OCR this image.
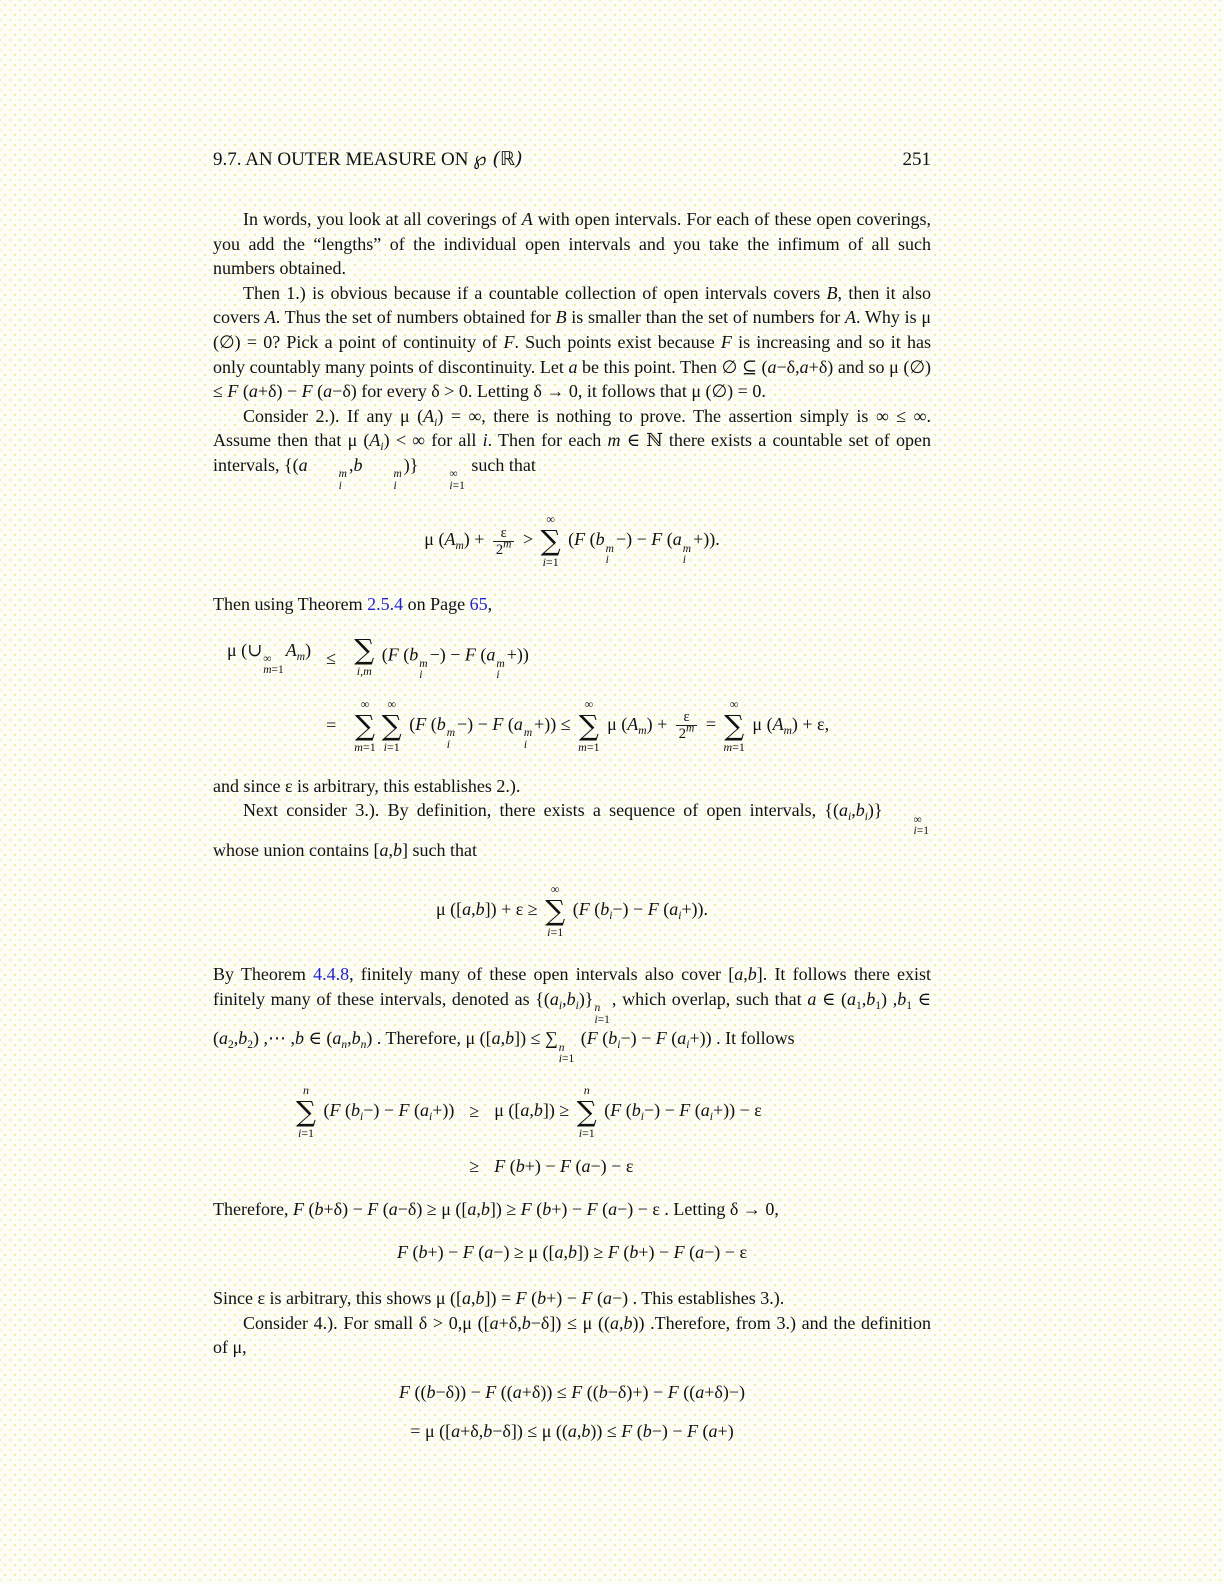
9.7. AN OUTER MEASURE ON ℘ (ℝ)	251
In words, you look at all coverings of A with open intervals. For each of these open coverings, you add the “lengths” of the individual open intervals and you take the infimum of all such numbers obtained.
Then 1.) is obvious because if a countable collection of open intervals covers B, then it also covers A. Thus the set of numbers obtained for B is smaller than the set of numbers for A. Why is μ (∅) = 0? Pick a point of continuity of F. Such points exist because F is increasing and so it has only countably many points of discontinuity. Let a be this point. Then ∅ ⊆ (a−δ,a+δ) and so μ (∅) ≤ F (a+δ) − F (a−δ) for every δ > 0. Letting δ → 0, it follows that μ (∅) = 0.
Consider 2.). If any μ $(A_i)$ = ∞, there is nothing to prove. The assertion simply is ∞ ≤ ∞. Assume then that μ $(A_i)$ < ∞ for all i. Then for each m ∈ ℕ there exists a countable set of open intervals, {(a	m
i
,b	m
i
)}	∞
i=1
such that
μ $(A_m) + \frac{\varepsilon}{2^m}$ >
∞
∑
i=1
(F (b m
i
−) − F (a m
i
+)).
Then using Theorem 2.5.4 on Page 65,
μ (∪ ∞
m=1
$A_m$) ≤ ∑
i,m
(F (b m
i
−) − F (a m
i
+))
=
∞
∑
m=1
∞
∑
i=1
(F (b m
i
−) − F (a m
i
+)) ≤
∞
∑
m=1
μ $(A_m) + \frac{\varepsilon}{2^m}$ =
∞
∑
m=1
μ $(A_m) + \varepsilon$,
and since ε is arbitrary, this establishes 2.).
Next consider 3.). By definition, there exists a sequence of open intervals, $\{(a_i,b_i)\}$	∞
i=1
whose union contains [a,b] such that
μ ([a,b]) + ε ≥
∞
∑
i=1
(F $(b_i-) - F$ $(a_i+)$).
By Theorem 4.4.8, finitely many of these open intervals also cover [a,b]. It follows there exist finitely many of these intervals, denoted as $\{(a_i,b_i)\}$ n
i=1
, which overlap, such that a ∈ $(a_1,b_1)$ $,b_1$ ∈ $(a_2,b_2)$ ,⋯ ,b ∈ $(a_n,b_n)$ . Therefore, μ ([a,b]) ≤ ∑ n
i=1
(F $(b_i-) - F$ $(a_i+)$) . It follows
n
∑
i=1
(F $(b_i-) - F$ $(a_i+)) \ge \mu$ ([a,b]) ≥
n
∑
i=1
(F $(b_i-) - F$ $(a_i+)) - \varepsilon$
≥ F (b+) − F (a−) − ε
Therefore, F (b+δ) − F (a−δ) ≥ μ ([a,b]) ≥ F (b+) − F (a−) − ε . Letting δ → 0,
F (b+) − F (a−) ≥ μ ([a,b]) ≥ F (b+) − F (a−) − ε
Since ε is arbitrary, this shows μ ([a,b]) = F (b+) − F (a−) . This establishes 3.).
Consider 4.). For small δ > 0,μ ([a+δ,b−δ]) ≤ μ ((a,b)) .Therefore, from 3.) and the definition of μ,
F ((b−δ)) − F ((a+δ)) ≤ F ((b−δ)+) − F ((a+δ)−)
= μ ([a+δ,b−δ]) ≤ μ ((a,b)) ≤ F (b−) − F (a+)
